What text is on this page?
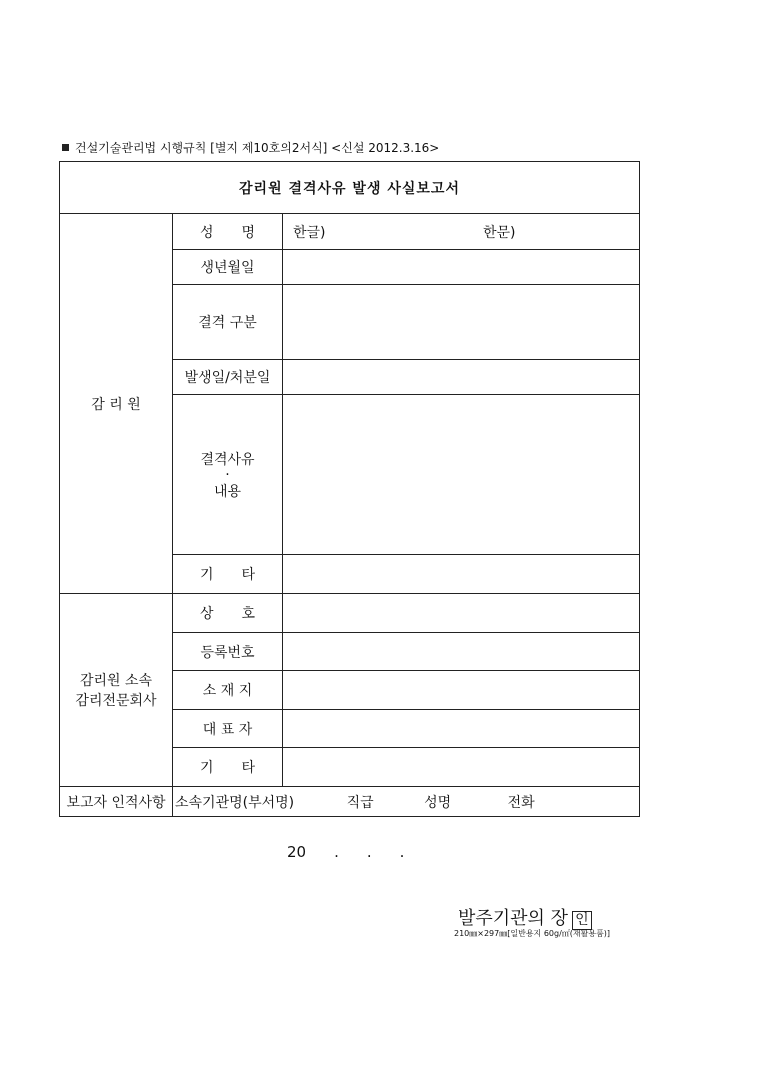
건설기술관리법 시행규칙 [별지 제10호의2서식] <신설 2012.3.16>
감리원 결격사유 발생 사실보고서		
감 리 원	성　　명	한글) 한문)

	생년월일	
	결격 구분	
	발생일/처분일	

	결격사유
·
내용	

	기　　타	

감리원 소속
감리전문회사	상　　호	
	등록번호	
	소 재 지	
	대 표 자	
	기　　타	
보고자 인적사항	소속기관명(부서명) 직급 성명 전화	
20 . . .
발주기관의 장 인
210㎜×297㎜[일반용지 60g/㎡(재활용품)]
